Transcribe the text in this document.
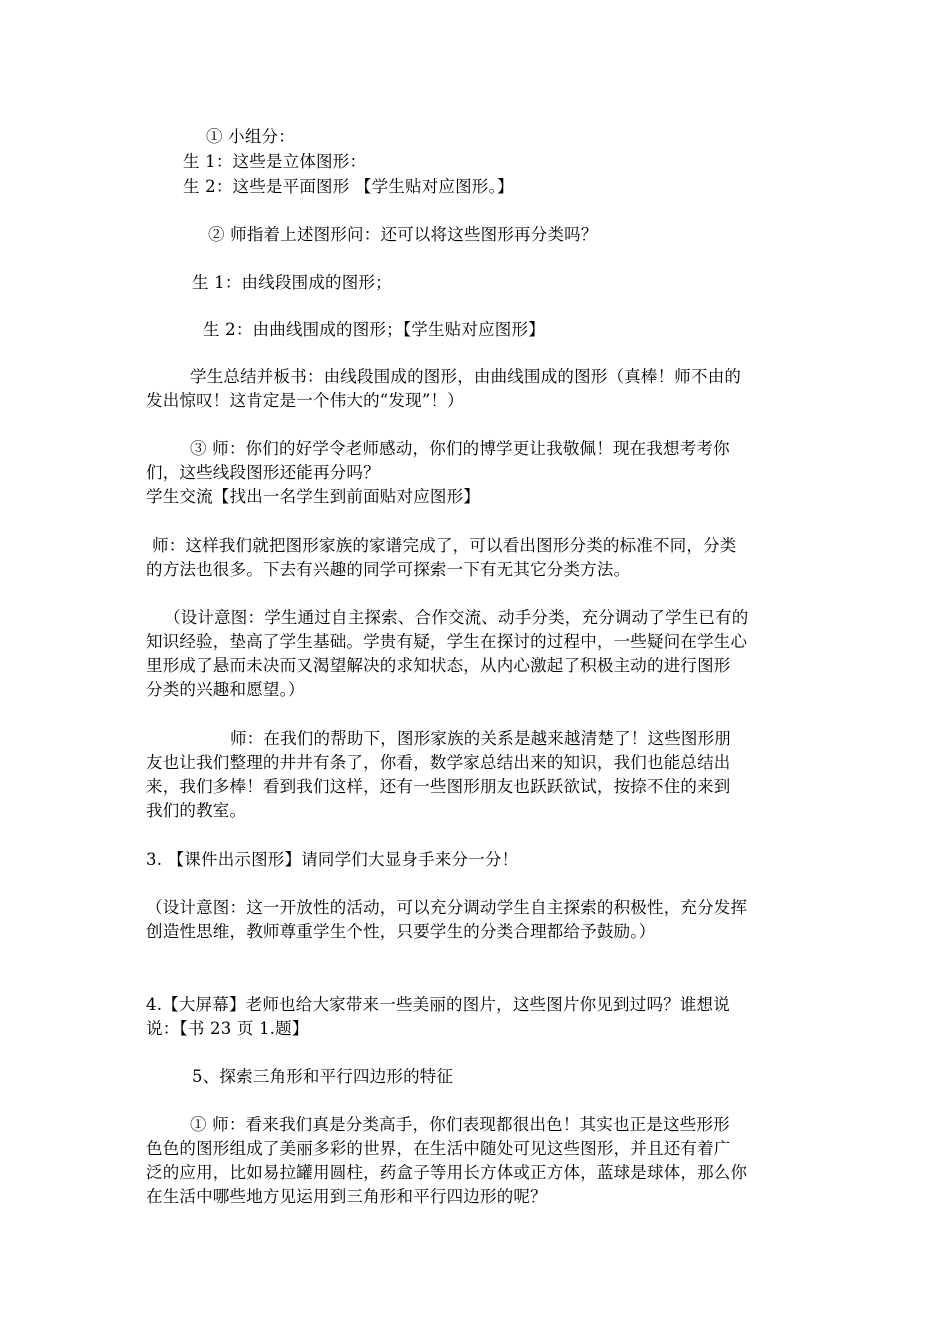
① 小组分：
生 1：这些是立体图形：
生 2：这些是平面图形 【学生贴对应图形。】
② 师指着上述图形问：还可以将这些图形再分类吗？
生 1：由线段围成的图形；
生 2：由曲线围成的图形；【学生贴对应图形】
学生总结并板书：由线段围成的图形，由曲线围成的图形（真棒！师不由的
发出惊叹！这肯定是一个伟大的“发现”！）
③ 师：你们的好学令老师感动，你们的博学更让我敬佩！现在我想考考你
们，这些线段图形还能再分吗？
学生交流【找出一名学生到前面贴对应图形】
师：这样我们就把图形家族的家谱完成了，可以看出图形分类的标准不同，分类
的方法也很多。下去有兴趣的同学可探索一下有无其它分类方法。
（设计意图：学生通过自主探索、合作交流、动手分类，充分调动了学生已有的
知识经验，垫高了学生基础。学贵有疑，学生在探讨的过程中，一些疑问在学生心
里形成了悬而未决而又渴望解决的求知状态，从内心激起了积极主动的进行图形
分类的兴趣和愿望。）
师：在我们的帮助下，图形家族的关系是越来越清楚了！这些图形朋
友也让我们整理的井井有条了，你看，数学家总结出来的知识，我们也能总结出
来，我们多棒！看到我们这样，还有一些图形朋友也跃跃欲试，按捺不住的来到
我们的教室。
3. 【课件出示图形】请同学们大显身手来分一分！
（设计意图：这一开放性的活动，可以充分调动学生自主探索的积极性，充分发挥
创造性思维，教师尊重学生个性，只要学生的分类合理都给予鼓励。）
4.【大屏幕】老师也给大家带来一些美丽的图片，这些图片你见到过吗？谁想说
说：【书 23 页 1.题】
5、探索三角形和平行四边形的特征
① 师：看来我们真是分类高手，你们表现都很出色！其实也正是这些形形
色色的图形组成了美丽多彩的世界，在生活中随处可见这些图形，并且还有着广
泛的应用，比如易拉罐用圆柱，药盒子等用长方体或正方体，蓝球是球体，那么你
在生活中哪些地方见运用到三角形和平行四边形的呢？
